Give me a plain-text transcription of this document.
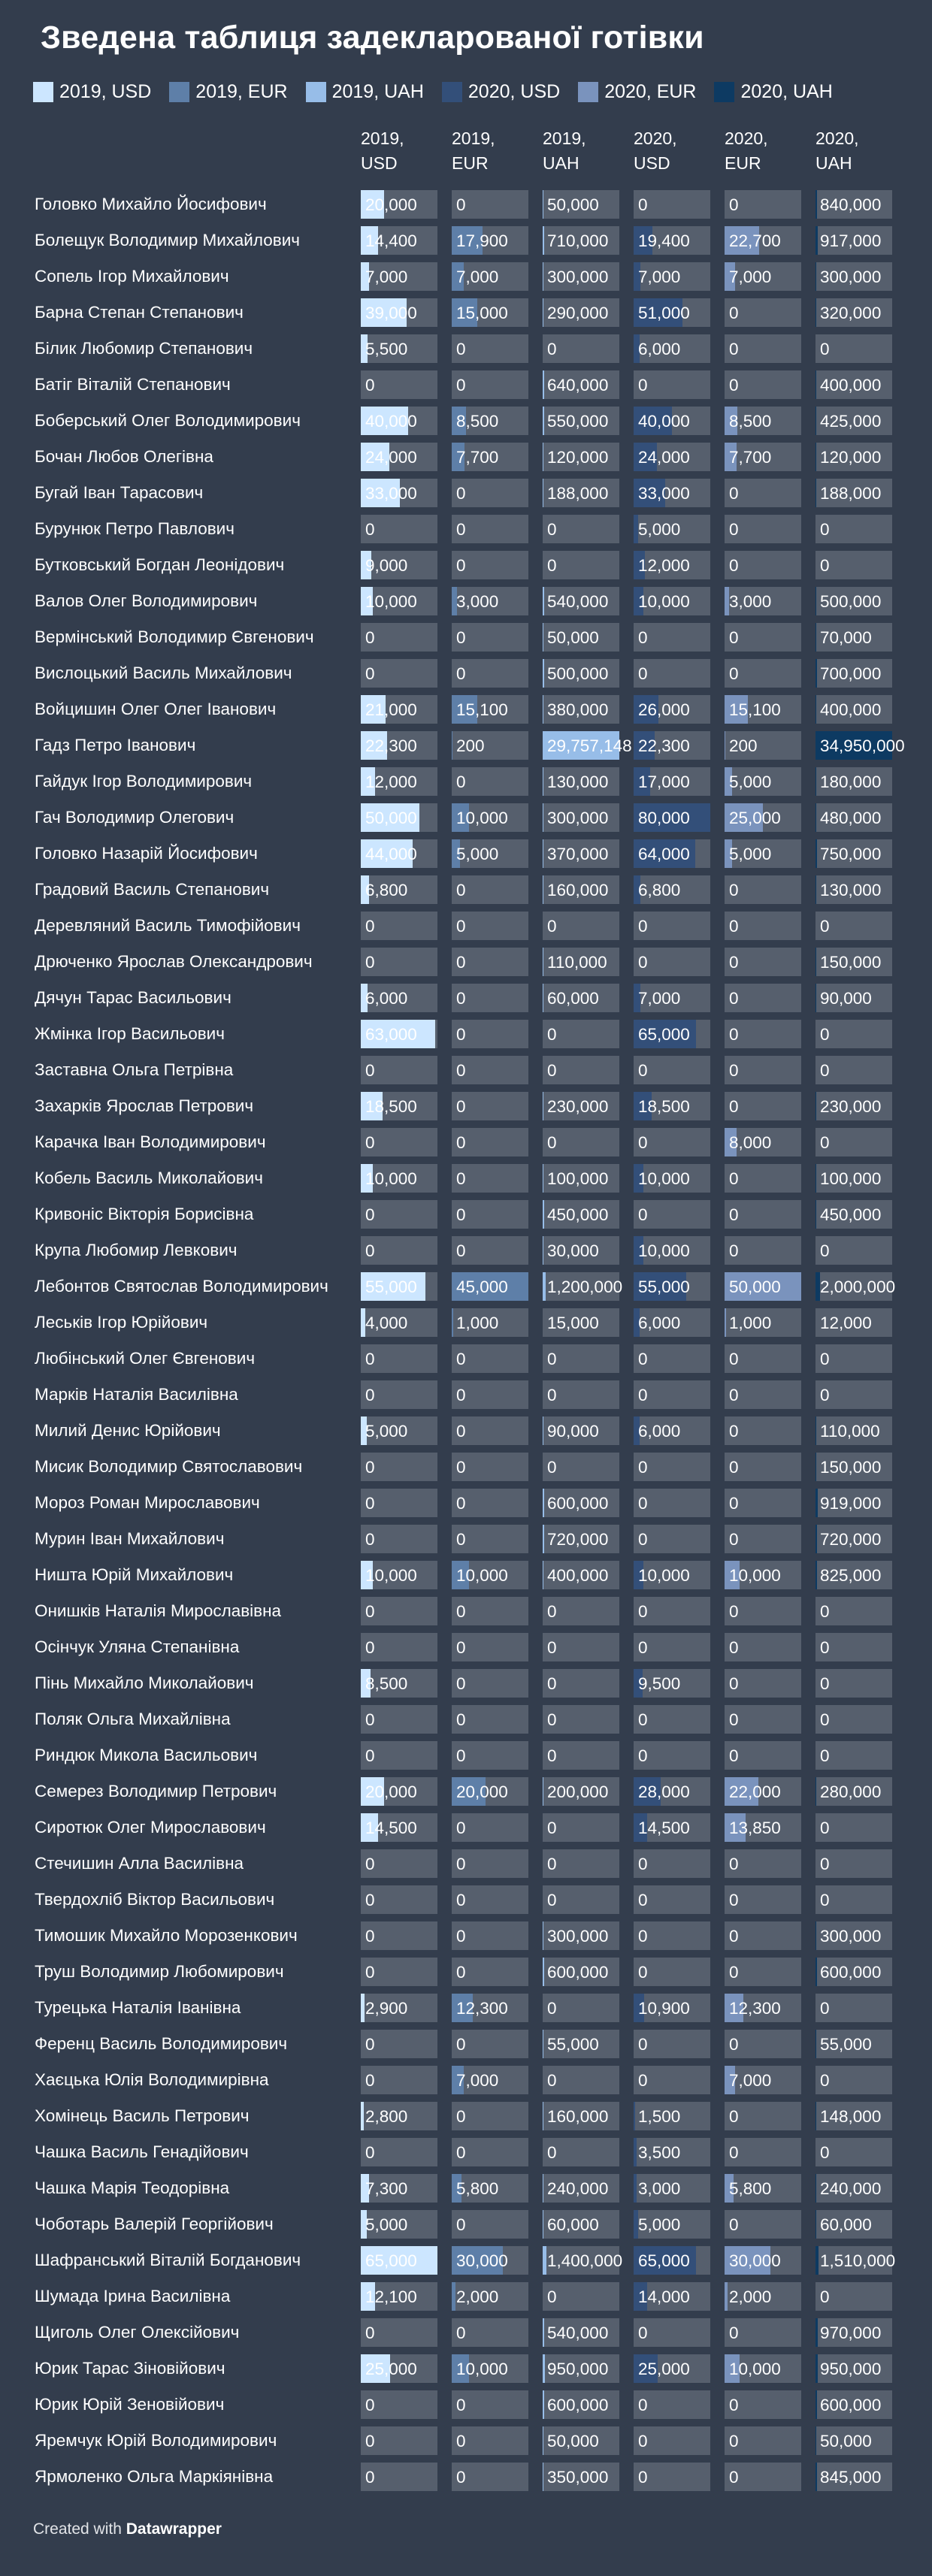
Зведена таблиця задекларованої готівки
2019, USD 2019, EUR 2019, UAH 2020, USD 2020, EUR 2020, UAH
2019,
USD
2019,
EUR
2019,
UAH
2020,
USD
2020,
EUR
2020,
UAH
Головко Михайло Йосифович	20,000 0	50,000 0	0	840,000
Болещук Володимир Михайлович	14,400 17,900 710,000 19,400 22,700 917,000
Сопель Ігор Михайлович	7,000	7,000	300,000 7,000	7,000	300,000
Барна Степан Степанович	39,000 15,000 290,000 51,000 0	320,000
Білик Любомир Степанович	5,500	0	0	6,000	0	0
Батіг Віталій Степанович	0	0	640,000 0	0	400,000
Боберський Олег Володимирович	40,000 8,500	550,000 40,000 8,500	425,000
Бочан Любов Олегівна	24,000 7,700	120,000 24,000 7,700	120,000
Бугай Іван Тарасович	33,000 0	188,000 33,000 0	188,000
Бурунюк Петро Павлович	0	0	0	5,000	0	0
Бутковський Богдан Леонідович	9,000	0	0	12,000 0	0
Валов Олег Володимирович	10,000 3,000	540,000 10,000 3,000	500,000
Вермінський Володимир Євгенович	0	0	50,000 0	0	70,000
Вислоцький Василь Михайлович	0	0	500,000 0	0	700,000
Войцишин Олег Олег Іванович	21,000 15,100 380,000 26,000 15,100 400,000
Гадз Петро Іванович	22,300 200	29,757,148 22,300 200	34,950,000
Гайдук Ігор Володимирович	12,000 0	130,000 17,000 5,000	180,000
Гач Володимир Олегович	50,000 10,000 300,000 80,000 25,000 480,000
Головко Назарій Йосифович	44,000 5,000	370,000 64,000 5,000	750,000
Градовий Василь Степанович	6,800	0	160,000 6,800	0	130,000
Деревляний Василь Тимофійович	0	0	0	0	0	0
Дрюченко Ярослав Олександрович	0	0	110,000 0	0	150,000
Дячун Тарас Васильович	6,000	0	60,000 7,000	0	90,000
Жмінка Ігор Васильович	63,000 0	0	65,000 0	0
Заставна Ольга Петрівна	0	0	0	0	0	0
Захарків Ярослав Петрович	18,500 0	230,000 18,500 0	230,000
Карачка Іван Володимирович	0	0	0	0	8,000	0
Кобель Василь Миколайович	10,000 0	100,000 10,000 0	100,000
Кривоніс Вікторія Борисівна	0	0	450,000 0	0	450,000
Крупа Любомир Левкович	0	0	30,000 10,000 0	0
Лебонтов Святослав Володимирович 55,000 45,000 1,200,000 55,000 50,000 2,000,000
Леськів Ігор Юрійович	4,000	1,000	15,000 6,000	1,000	12,000
Любінський Олег Євгенович	0	0	0	0	0	0
Марків Наталія Василівна	0	0	0	0	0	0
Милий Денис Юрійович	5,000	0	90,000 6,000	0	110,000
Мисик Володимир Святославович	0	0	0	0	0	150,000
Мороз Роман Мирославович	0	0	600,000 0	0	919,000
Мурин Іван Михайлович	0	0	720,000 0	0	720,000
Ништа Юрій Михайлович	10,000 10,000 400,000 10,000 10,000 825,000
Онишків Наталія Мирославівна	0	0	0	0	0	0
Осінчук Уляна Степанівна	0	0	0	0	0	0
Пінь Михайло Миколайович	8,500	0	0	9,500	0	0
Поляк Ольга Михайлівна	0	0	0	0	0	0
Риндюк Микола Васильович	0	0	0	0	0	0
Семерез Володимир Петрович	20,000 20,000 200,000 28,000 22,000 280,000
Сиротюк Олег Мирославович	14,500 0	0	14,500 13,850 0
Стечишин Алла Василівна	0	0	0	0	0	0
Твердохліб Віктор Васильович	0	0	0	0	0	0
Тимошик Михайло Морозенкович	0	0	300,000 0	0	300,000
Труш Володимир Любомирович	0	0	600,000 0	0	600,000
Турецька Наталія Іванівна	2,900	12,300 0	10,900 12,300 0
Ференц Василь Володимирович	0	0	55,000 0	0	55,000
Хаєцька Юлія Володимирівна	0	7,000	0	0	7,000	0
Хомінець Василь Петрович	2,800	0	160,000 1,500	0	148,000
Чашка Василь Генадійович	0	0	0	3,500	0	0
Чашка Марія Теодорівна	7,300	5,800	240,000 3,000	5,800	240,000
Чоботарь Валерій Георгійович	5,000	0	60,000 5,000	0	60,000
Шафранський Віталій Богданович	65,000 30,000 1,400,000 65,000 30,000 1,510,000
Шумада Ірина Василівна	12,100 2,000	0	14,000 2,000	0
Щиголь Олег Олексійович	0	0	540,000 0	0	970,000
Юрик Тарас Зіновійович	25,000 10,000 950,000 25,000 10,000 950,000
Юрик Юрій Зеновійович	0	0	600,000 0	0	600,000
Яремчук Юрій Володимирович	0	0	50,000 0	0	50,000
Ярмоленко Ольга Маркіянівна	0	0	350,000 0	0	845,000
Created with Datawrapper
